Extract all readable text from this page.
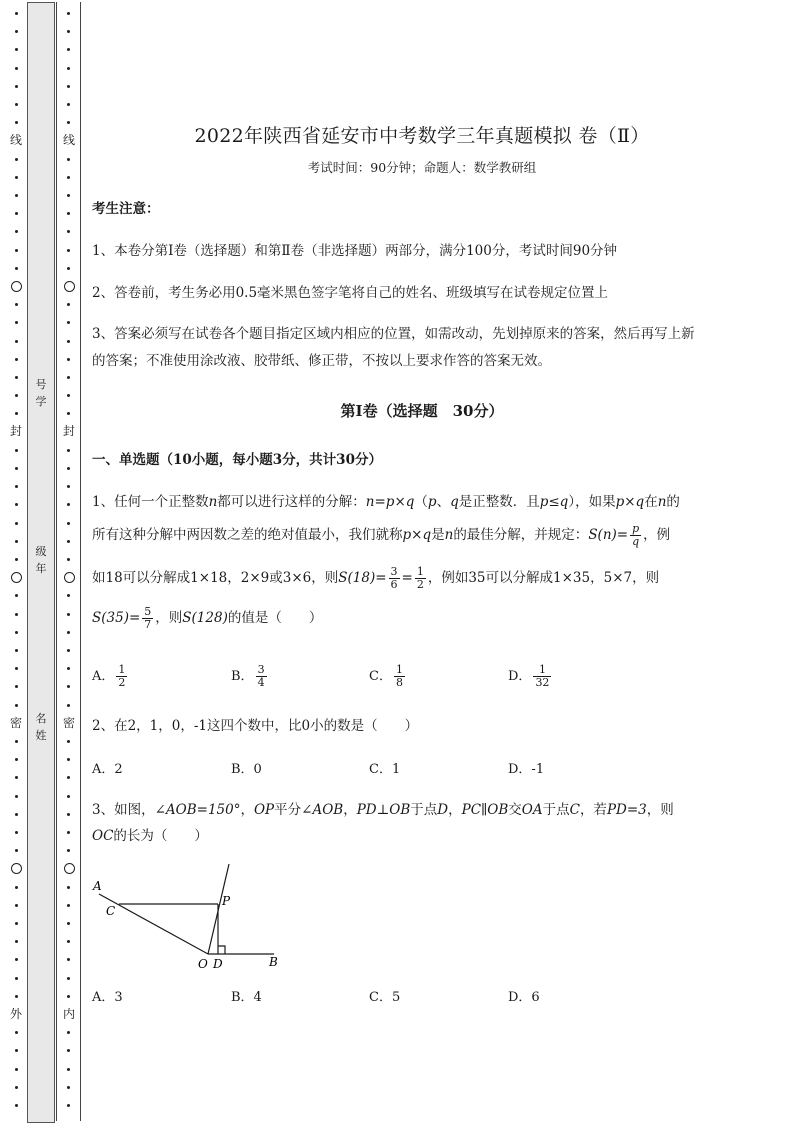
线
封
密
外
线
封
密
内
号
学
级
年
名
姓
2022年陕西省延安市中考数学三年真题模拟 卷（Ⅱ）
考试时间：90分钟；命题人：数学教研组
考生注意：
1、本卷分第Ⅰ卷（选择题）和第Ⅱ卷（非选择题）两部分，满分100分，考试时间90分钟
2、答卷前，考生务必用0.5毫米黑色签字笔将自己的姓名、班级填写在试卷规定位置上
3、答案必须写在试卷各个题目指定区域内相应的位置，如需改动，先划掉原来的答案，然后再写上新
的答案；不准使用涂改液、胶带纸、修正带，不按以上要求作答的答案无效。
第Ⅰ卷（选择题　30分）
一、单选题（10小题，每小题3分，共计30分）
1、任何一个正整数n都可以进行这样的分解：n=p×q（p、q是正整数．且p≤q），如果p×q在n的
所有这种分解中两因数之差的绝对值最小，我们就称p×q是n的最佳分解，并规定：$S(n)= \frac{p}{q}$ ，例
如18可以分解成1×18，2×9或3×6，则$S(18)= \frac{3}{6} = \frac{1}{2}$ ，例如35可以分解成1×35，5×7，则
$S(35)= \frac{5}{7}$ ，则S(128)的值是（　　）
A． $\frac{1}{2}$	B． $\frac{3}{4}$	C． $\frac{1}{8}$	D． $\frac{1}{32}$
2、在2，1，0，-1这四个数中，比0小的数是（　　）
A．2	B．0	C．1	D．-1
3、如图，∠AOB=150°，OP平分∠AOB，PD⊥OB于点D，PC∥OB交OA于点C，若PD=3，则
OC的长为（　　）
A．3	B．4	C．5	D．6
A
C
P
O D	B
